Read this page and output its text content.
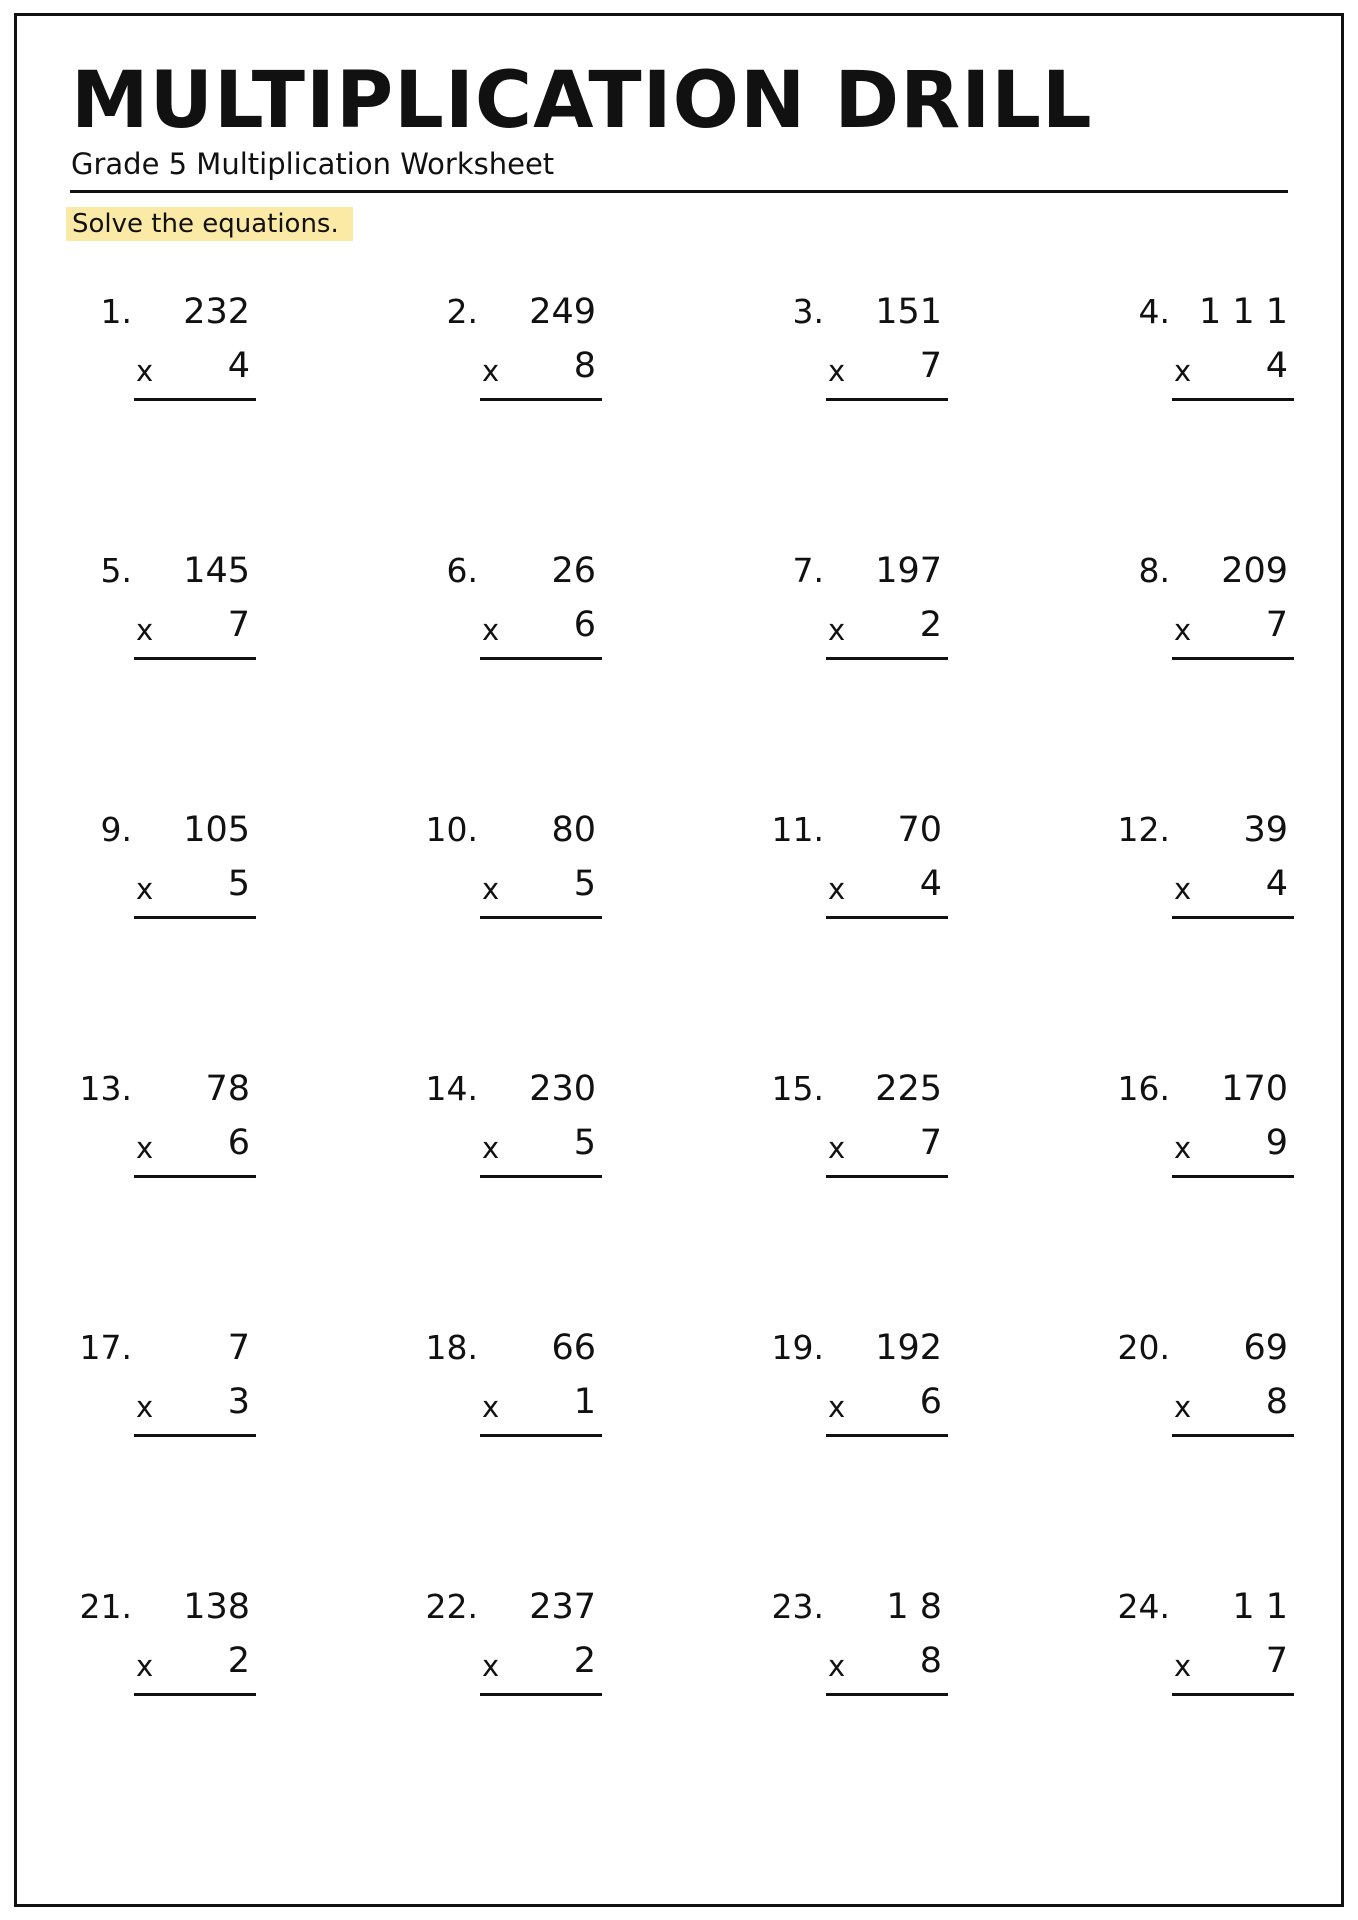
MULTIPLICATION DRILL
Grade 5 Multiplication Worksheet
Solve the equations.
1.	232
x	4
2.	249
x	8
3.	151
x	7
4. 1 1 1
x	4
5.	145
x	7
6.	26
x	6
7.	197
x	2
8.	209
x	7
9.	105
x	5
10.	80
x	5
11.	70
x	4
12.	39
x	4
13.	78
x	6
14.	230
x	5
15.	225
x	7
16.	170
x	9
17.	7
x	3
18.	66
x	1
19.	192
x	6
20.	69
x	8
21.	138
x	2
22.	237
x	2
23.	1 8
x	8
24.	1 1
x	7
